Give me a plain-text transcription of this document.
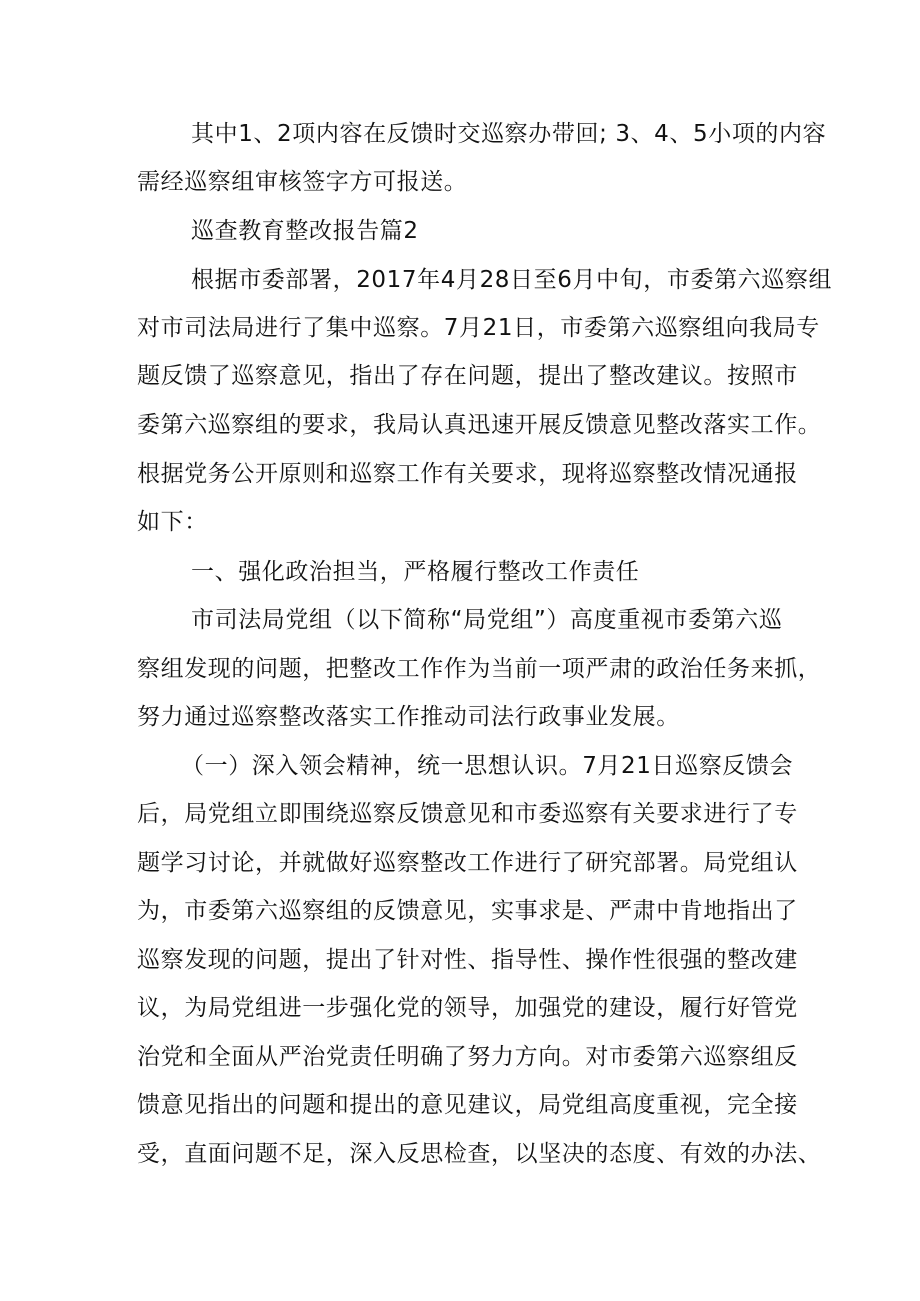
其中1、2项内容在反馈时交巡察办带回; 3、4、5小项的内容
需经巡察组审核签字方可报送。
巡查教育整改报告篇2
根据市委部署，2017年4月28日至6月中旬，市委第六巡察组
对市司法局进行了集中巡察。7月21日，市委第六巡察组向我局专
题反馈了巡察意见，指出了存在问题，提出了整改建议。按照市
委第六巡察组的要求，我局认真迅速开展反馈意见整改落实工作。
根据党务公开原则和巡察工作有关要求，现将巡察整改情况通报
如下：
一、强化政治担当，严格履行整改工作责任
市司法局党组（以下简称“局党组”）高度重视市委第六巡
察组发现的问题，把整改工作作为当前一项严肃的政治任务来抓，
努力通过巡察整改落实工作推动司法行政事业发展。
（一）深入领会精神，统一思想认识。7月21日巡察反馈会
后，局党组立即围绕巡察反馈意见和市委巡察有关要求进行了专
题学习讨论，并就做好巡察整改工作进行了研究部署。局党组认
为，市委第六巡察组的反馈意见，实事求是、严肃中肯地指出了
巡察发现的问题，提出了针对性、指导性、操作性很强的整改建
议，为局党组进一步强化党的领导，加强党的建设，履行好管党
治党和全面从严治党责任明确了努力方向。对市委第六巡察组反
馈意见指出的问题和提出的意见建议，局党组高度重视，完全接
受，直面问题不足，深入反思检查，以坚决的态度、有效的办法、
